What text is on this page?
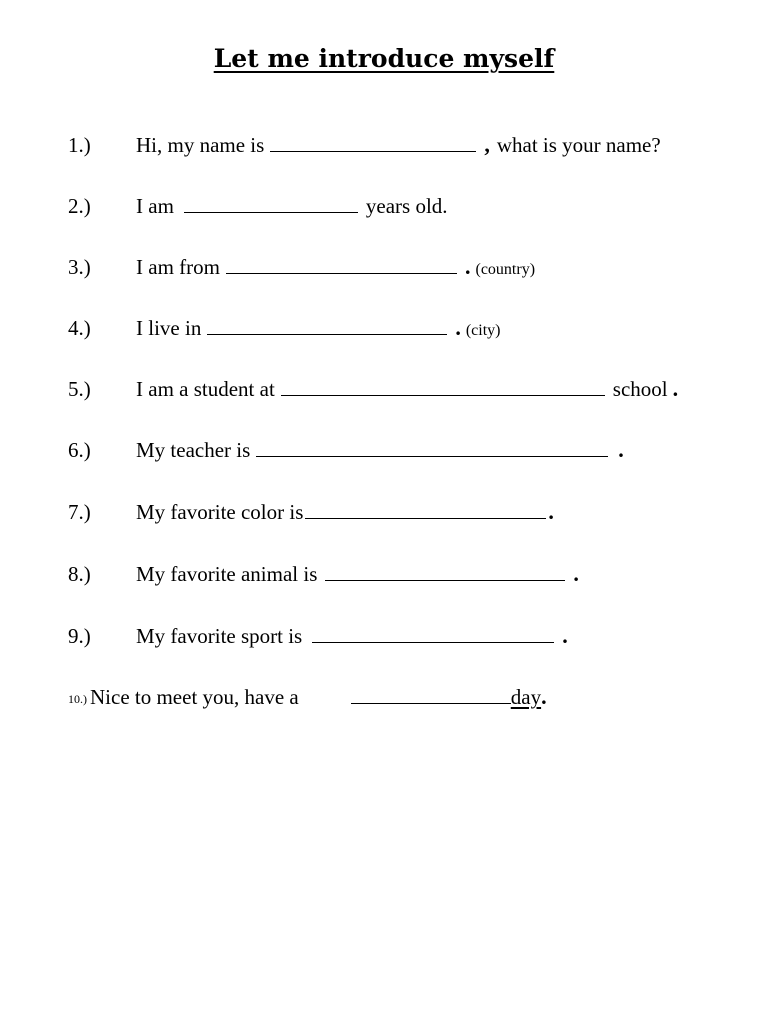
Let me introduce myself
1.) Hi, my name is	, what is your name?
2.) I am	years old.
3.) I am from	. (country)
4.) I live in	. (city)
5.) I am a student at	school .
6.) My teacher is	.
7.) My favorite color is	.
8.) My favorite animal is	.
9.) My favorite sport is	.
10.) Nice to meet you, have a	day .
